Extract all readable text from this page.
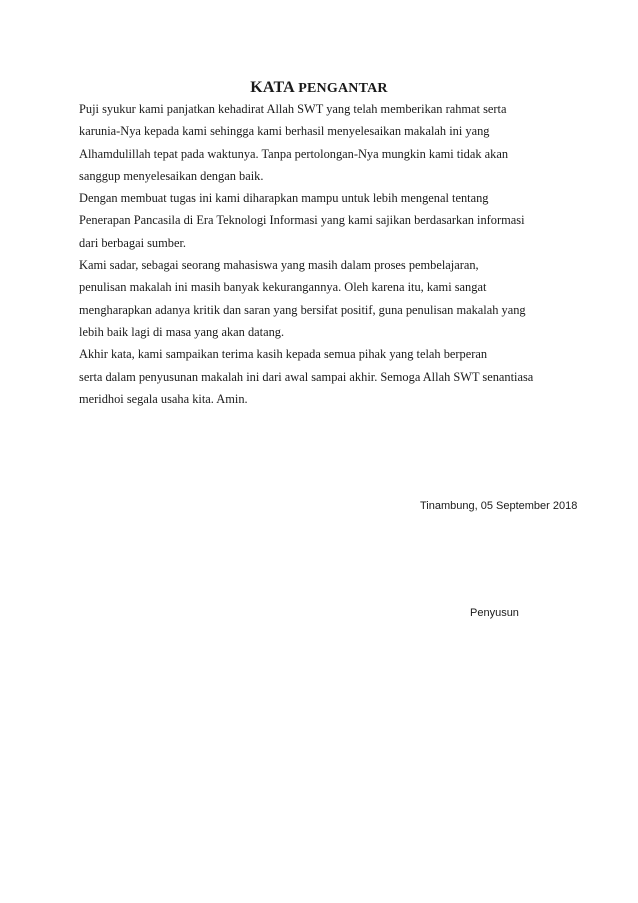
KATA PENGANTAR
Puji syukur kami panjatkan kehadirat Allah SWT yang telah memberikan rahmat serta
karunia-Nya kepada kami sehingga kami berhasil menyelesaikan makalah ini yang
Alhamdulillah tepat pada waktunya. Tanpa pertolongan-Nya mungkin kami tidak akan
sanggup menyelesaikan dengan baik.
Dengan membuat tugas ini kami diharapkan mampu untuk lebih mengenal tentang
Penerapan Pancasila di Era Teknologi Informasi yang kami sajikan berdasarkan informasi
dari berbagai sumber.
Kami sadar, sebagai seorang mahasiswa yang masih dalam proses pembelajaran,
penulisan makalah ini masih banyak kekurangannya. Oleh karena itu, kami sangat
mengharapkan adanya kritik dan saran yang bersifat positif, guna penulisan makalah yang
lebih baik lagi di masa yang akan datang.
Akhir kata, kami sampaikan terima kasih kepada semua pihak yang telah berperan
serta dalam penyusunan makalah ini dari awal sampai akhir. Semoga Allah SWT senantiasa
meridhoi segala usaha kita. Amin.
Tinambung, 05 September 2018
Penyusun
